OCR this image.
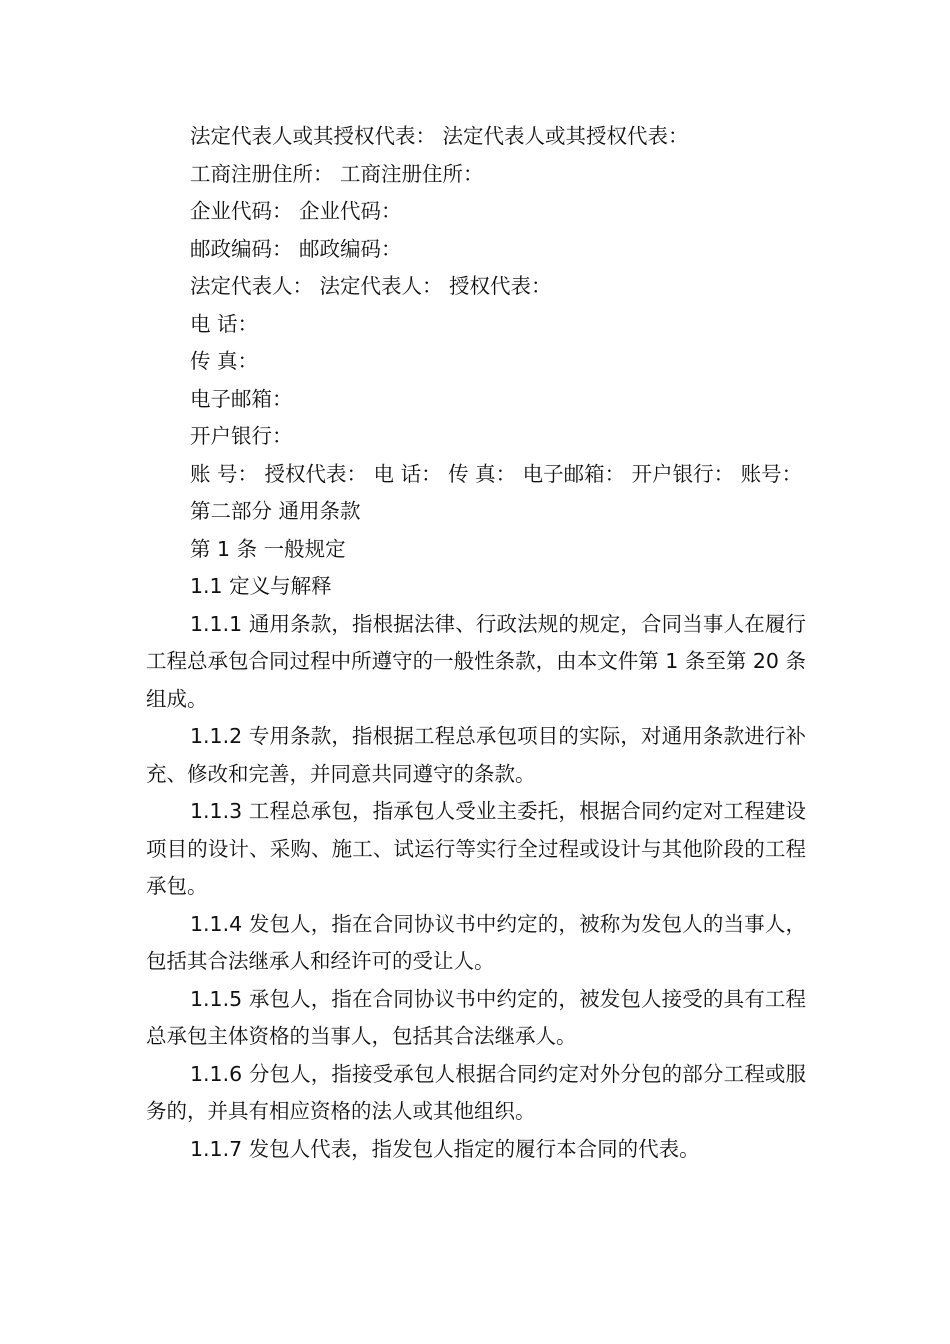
法定代表人或其授权代表： 法定代表人或其授权代表：

工商注册住所： 工商注册住所：

企业代码： 企业代码：

邮政编码： 邮政编码：

法定代表人： 法定代表人： 授权代表：

电 话：

传 真：

电子邮箱：

开户银行：

账 号： 授权代表： 电 话： 传 真： 电子邮箱： 开户银行： 账号：

第二部分 通用条款

第 1 条 一般规定

1.1 定义与解释

1.1.1 通用条款，指根据法律、行政法规的规定，合同当事人在履行工程总承包合同过程中所遵守的一般性条款，由本文件第 1 条至第 20 条组成。

1.1.2 专用条款，指根据工程总承包项目的实际，对通用条款进行补充、修改和完善，并同意共同遵守的条款。

1.1.3 工程总承包，指承包人受业主委托，根据合同约定对工程建设项目的设计、采购、施工、试运行等实行全过程或设计与其他阶段的工程承包。

1.1.4 发包人，指在合同协议书中约定的，被称为发包人的当事人，包括其合法继承人和经许可的受让人。

1.1.5 承包人，指在合同协议书中约定的，被发包人接受的具有工程总承包主体资格的当事人，包括其合法继承人。

1.1.6 分包人，指接受承包人根据合同约定对外分包的部分工程或服务的，并具有相应资格的法人或其他组织。

1.1.7 发包人代表，指发包人指定的履行本合同的代表。
